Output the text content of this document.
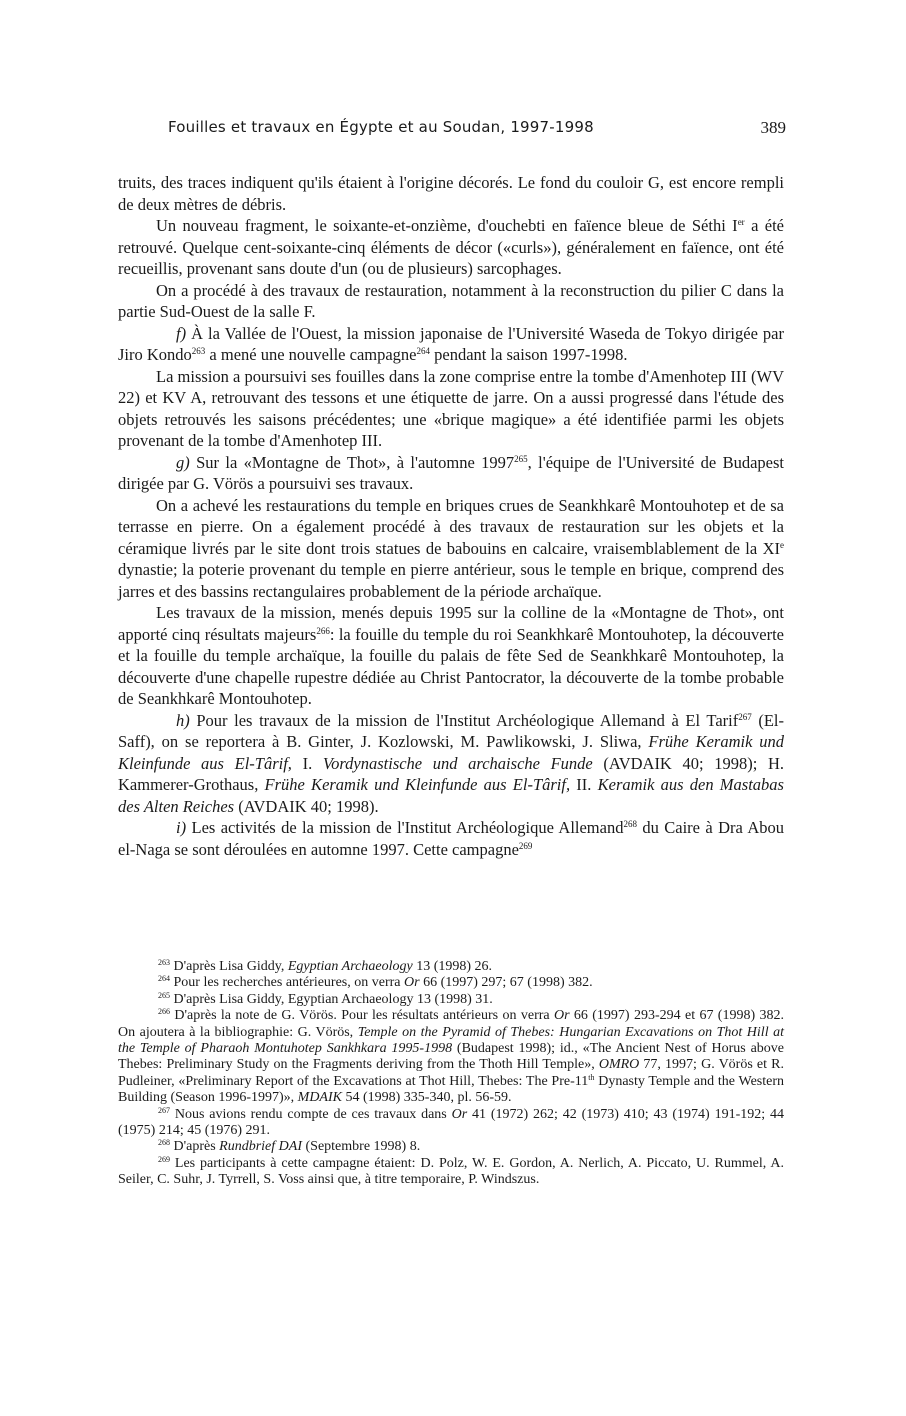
Fouilles et travaux en Égypte et au Soudan, 1997-1998	389

truits, des traces indiquent qu'ils étaient à l'origine décorés. Le fond du couloir G, est encore rempli de deux mètres de débris.

Un nouveau fragment, le soixante-et-onzième, d'ouchebti en faïence bleue de Séthi Ier a été retrouvé. Quelque cent-soixante-cinq éléments de décor («curls»), généralement en faïence, ont été recueillis, provenant sans doute d'un (ou de plusieurs) sarcophages.

On a procédé à des travaux de restauration, notamment à la reconstruction du pilier C dans la partie Sud-Ouest de la salle F.

f) À la Vallée de l'Ouest, la mission japonaise de l'Université Waseda de Tokyo dirigée par Jiro Kondo$^{263}$ a mené une nouvelle campagne$^{264}$ pendant la saison 1997-1998.

La mission a poursuivi ses fouilles dans la zone comprise entre la tombe d'Amenhotep III (WV 22) et KV A, retrouvant des tessons et une étiquette de jarre. On a aussi progressé dans l'étude des objets retrouvés les saisons précédentes; une «brique magique» a été identifiée parmi les objets provenant de la tombe d'Amenhotep III.

g) Sur la «Montagne de Thot», à l'automne 1997$^{265}$, l'équipe de l'Université de Budapest dirigée par G. Vörös a poursuivi ses travaux.

On a achevé les restaurations du temple en briques crues de Seankhkarê Montouhotep et de sa terrasse en pierre. On a également procédé à des travaux de restauration sur les objets et la céramique livrés par le site dont trois statues de babouins en calcaire, vraisemblablement de la XIe dynastie; la poterie provenant du temple en pierre antérieur, sous le temple en brique, comprend des jarres et des bassins rectangulaires probablement de la période archaïque.

Les travaux de la mission, menés depuis 1995 sur la colline de la «Montagne de Thot», ont apporté cinq résultats majeurs$^{266}$: la fouille du temple du roi Seankhkarê Montouhotep, la découverte et la fouille du temple archaïque, la fouille du palais de fête Sed de Seankhkarê Montouhotep, la découverte d'une chapelle rupestre dédiée au Christ Pantocrator, la découverte de la tombe probable de Seankhkarê Montouhotep.

h) Pour les travaux de la mission de l'Institut Archéologique Allemand à El Tarif$^{267}$ (El-Saff), on se reportera à B. Ginter, J. Kozlowski, M. Pawlikowski, J. Sliwa, Frühe Keramik und Kleinfunde aus El-Târif, I. Vordynastische und archaische Funde (AVDAIK 40; 1998); H. Kammerer-Grothaus, Frühe Keramik und Kleinfunde aus El-Târif, II. Keramik aus den Mastabas des Alten Reiches (AVDAIK 40; 1998).

i) Les activités de la mission de l'Institut Archéologique Allemand$^{268}$ du Caire à Dra Abou el-Naga se sont déroulées en automne 1997. Cette campagne$^{269}$

$^{263}$ D'après Lisa Giddy, Egyptian Archaeology 13 (1998) 26.

$^{264}$ Pour les recherches antérieures, on verra Or 66 (1997) 297; 67 (1998) 382.

$^{265}$ D'après Lisa Giddy, Egyptian Archaeology 13 (1998) 31.

$^{266}$ D'après la note de G. Vörös. Pour les résultats antérieurs on verra Or 66 (1997) 293-294 et 67 (1998) 382. On ajoutera à la bibliographie: G. Vörös, Temple on the Pyramid of Thebes: Hungarian Excavations on Thot Hill at the Temple of Pharaoh Montuhotep Sankhkara 1995-1998 (Budapest 1998); id., «The Ancient Nest of Horus above Thebes: Preliminary Study on the Fragments deriving from the Thoth Hill Temple», OMRO 77, 1997; G. Vörös et R. Pudleiner, «Preliminary Report of the Excavations at Thot Hill, Thebes: The Pre-11th Dynasty Temple and the Western Building (Season 1996-1997)», MDAIK 54 (1998) 335-340, pl. 56-59.

$^{267}$ Nous avions rendu compte de ces travaux dans Or 41 (1972) 262; 42 (1973) 410; 43 (1974) 191-192; 44 (1975) 214; 45 (1976) 291.

$^{268}$ D'après Rundbrief DAI (Septembre 1998) 8.

$^{269}$ Les participants à cette campagne étaient: D. Polz, W. E. Gordon, A. Nerlich, A. Piccato, U. Rummel, A. Seiler, C. Suhr, J. Tyrrell, S. Voss ainsi que, à titre temporaire, P. Windszus.
